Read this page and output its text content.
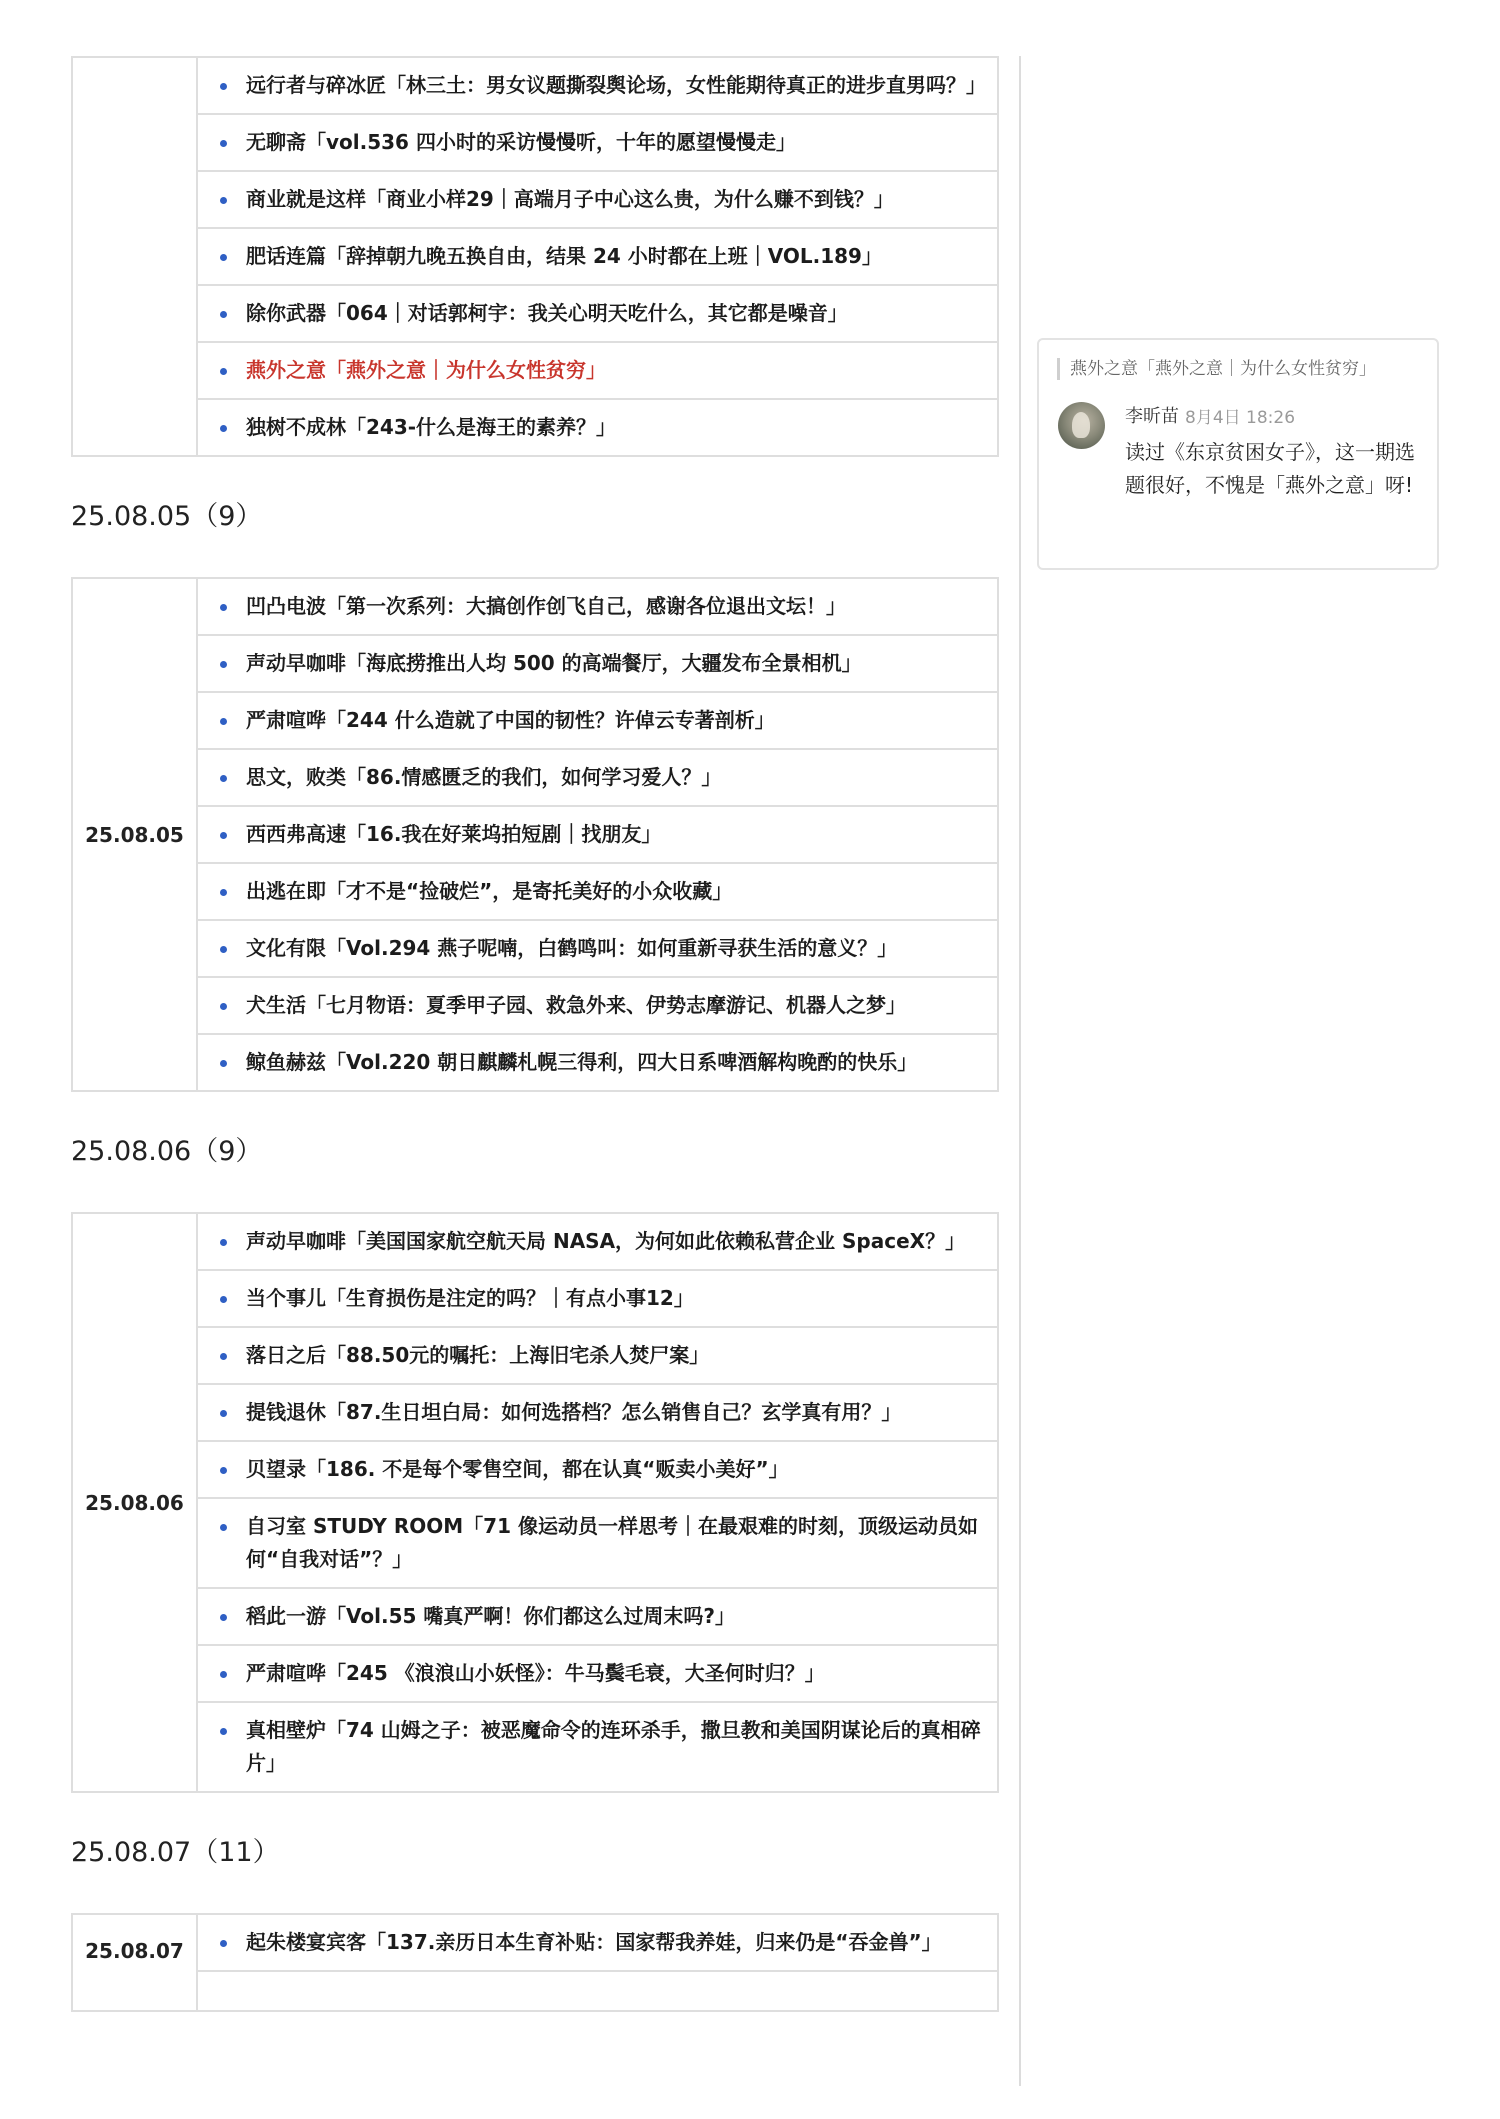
	远行者与碎冰匠「林三土：男女议题撕裂舆论场，女性能期待真正的进步直男吗？」
无聊斋「vol.536 四小时的采访慢慢听，十年的愿望慢慢走」
商业就是这样「商业小样29｜高端月子中心这么贵，为什么赚不到钱？」
肥话连篇「辞掉朝九晚五换自由，结果 24 小时都在上班｜VOL.189」
除你武器「064｜对话郭柯宇：我关心明天吃什么，其它都是噪音」
燕外之意「燕外之意｜为什么女性贫穷」
独树不成林「243-什么是海王的素养？」
25.08.05（9）
25.08.05	凹凸电波「第一次系列：大搞创作创飞自己，感谢各位退出文坛！」
声动早咖啡「海底捞推出人均 500 的高端餐厅，大疆发布全景相机」
严肃喧哗「244 什么造就了中国的韧性？许倬云专著剖析」
思文，败类「86.情感匮乏的我们，如何学习爱人？」
西西弗高速「16.我在好莱坞拍短剧｜找朋友」
出逃在即「才不是“捡破烂”，是寄托美好的小众收藏」
文化有限「Vol.294 燕子呢喃，白鹤鸣叫：如何重新寻获生活的意义？」
犬生活「七月物语：夏季甲子园、救急外来、伊势志摩游记、机器人之梦」
鲸鱼赫兹「Vol.220 朝日麒麟札幌三得利，四大日系啤酒解构晚酌的快乐」
25.08.06（9）
25.08.06	声动早咖啡「美国国家航空航天局 NASA，为何如此依赖私营企业 SpaceX？」
当个事儿「生育损伤是注定的吗？｜有点小事12」
落日之后「88.50元的嘱托：上海旧宅杀人焚尸案」
提钱退休「87.生日坦白局：如何选搭档？怎么销售自己？玄学真有用？」
贝望录「186. 不是每个零售空间，都在认真“贩卖小美好”」
自习室 STUDY ROOM「71 像运动员一样思考｜在最艰难的时刻，顶级运动员如何“自我对话”？」
稻此一游「Vol.55 嘴真严啊！你们都这么过周末吗?」
严肃喧哗「245 《浪浪山小妖怪》：牛马鬓毛衰，大圣何时归？」
真相壁炉「74 山姆之子：被恶魔命令的连环杀手，撒旦教和美国阴谋论后的真相碎片」
25.08.07（11）
25.08.07	起朱楼宴宾客「137.亲历日本生育补贴：国家帮我养娃，归来仍是“吞金兽”」

燕外之意「燕外之意｜为什么女性贫穷」
李昕苗 8月4日 18:26
读过《东京贫困女子》，这一期选题很好，不愧是「燕外之意」呀!
